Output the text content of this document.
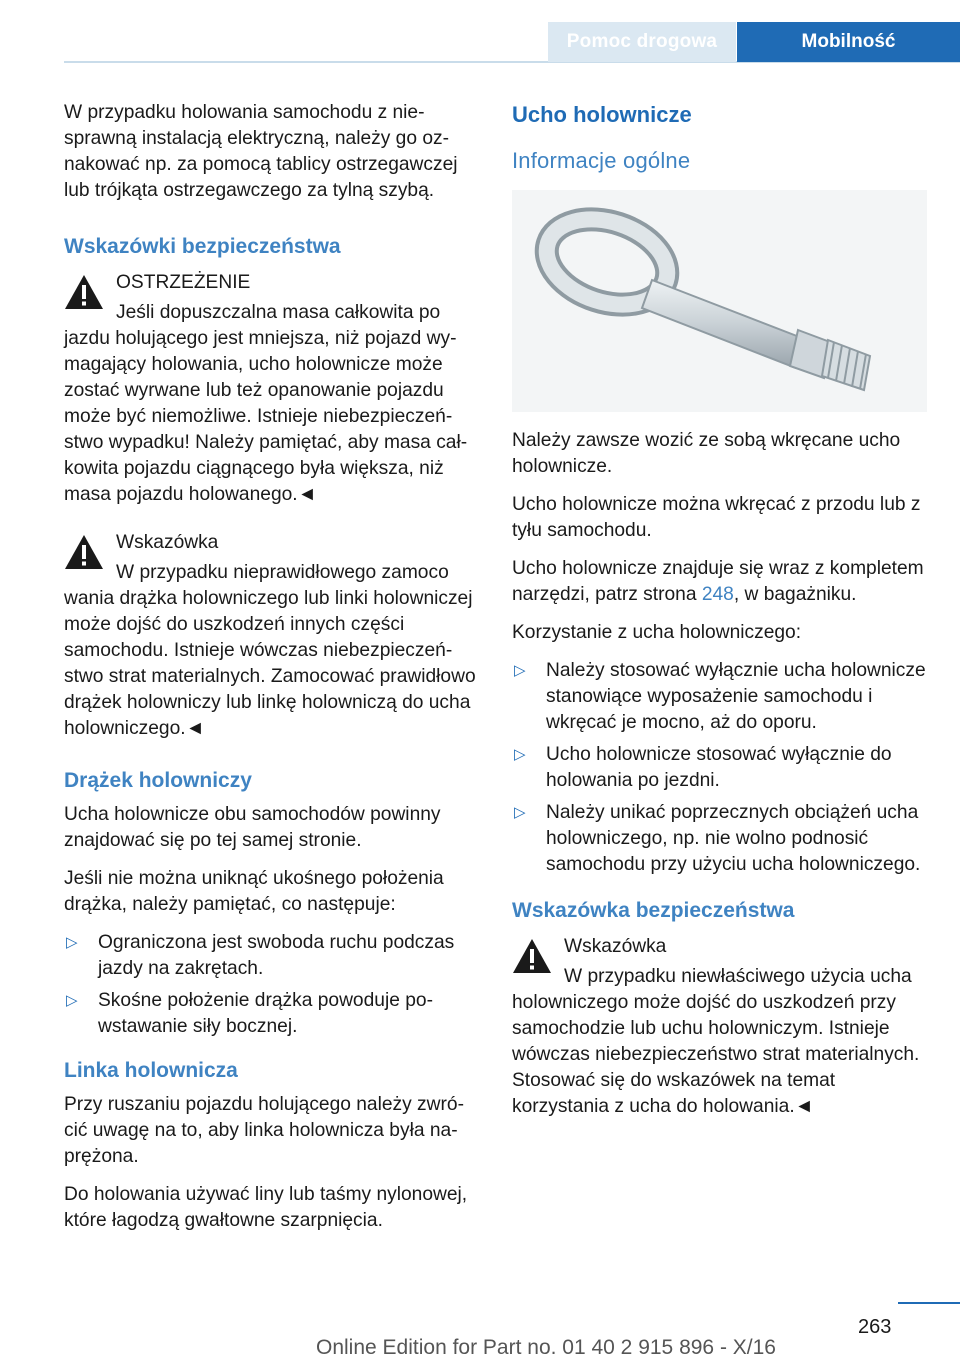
Pomoc drogowa	Mobilność

W przypadku holowania samochodu z niesprawną instalacją elektryczną, należy go oznakować np. za pomocą tablicy ostrzegawczej lub trójkąta ostrzegawczego za tylną szybą.

Wskazówki bezpieczeństwa

OSTRZEŻENIE

Jeśli dopuszczalna masa całkowita po

jazdu holującego jest mniejsza, niż pojazd wymagający holowania, ucho holownicze może zostać wyrwane lub też opanowanie pojazdu może być niemożliwe. Istnieje niebezpieczeństwo wypadku! Należy pamiętać, aby masa całkowita pojazdu ciągnącego była większa, niż masa pojazdu holowanego.◄

Wskazówka

W przypadku nieprawidłowego zamoco

wania drążka holowniczego lub linki holowniczej może dojść do uszkodzeń innych części samochodu. Istnieje wówczas niebezpieczeństwo strat materialnych. Zamocować prawidłowo drążek holowniczy lub linkę holowniczą do ucha holowniczego.◄

Drążek holowniczy

Ucha holownicze obu samochodów powinny znajdować się po tej samej stronie.

Jeśli nie można uniknąć ukośnego położenia drążka, należy pamiętać, co następuje:

▷ Ograniczona jest swoboda ruchu podczas jazdy na zakrętach.
▷ Skośne położenie drążka powoduje powstawanie siły bocznej.
Linka holownicza

Przy ruszaniu pojazdu holującego należy zwrócić uwagę na to, aby linka holownicza była naprężona.

Do holowania używać liny lub taśmy nylonowej, które łagodzą gwałtowne szarpnięcia.

Ucho holownicze
Informacje ogólne

Należy zawsze wozić ze sobą wkręcane ucho holownicze.

Ucho holownicze można wkręcać z przodu lub z tyłu samochodu.

Ucho holownicze znajduje się wraz z kompletem narzędzi, patrz strona 248, w bagażniku.

Korzystanie z ucha holowniczego:

▷ Należy stosować wyłącznie ucha holownicze stanowiące wyposażenie samochodu i wkręcać je mocno, aż do oporu.
▷ Ucho holownicze stosować wyłącznie do holowania po jezdni.
▷ Należy unikać poprzecznych obciążeń ucha holowniczego, np. nie wolno podnosić samochodu przy użyciu ucha holowniczego.
Wskazówka bezpieczeństwa

Wskazówka

W przypadku niewłaściwego użycia ucha

holowniczego może dojść do uszkodzeń przy samochodzie lub uchu holowniczym. Istnieje wówczas niebezpieczeństwo strat materialnych. Stosować się do wskazówek na temat korzystania z ucha do holowania.◄

263
Online Edition for Part no. 01 40 2 915 896 - X/16
